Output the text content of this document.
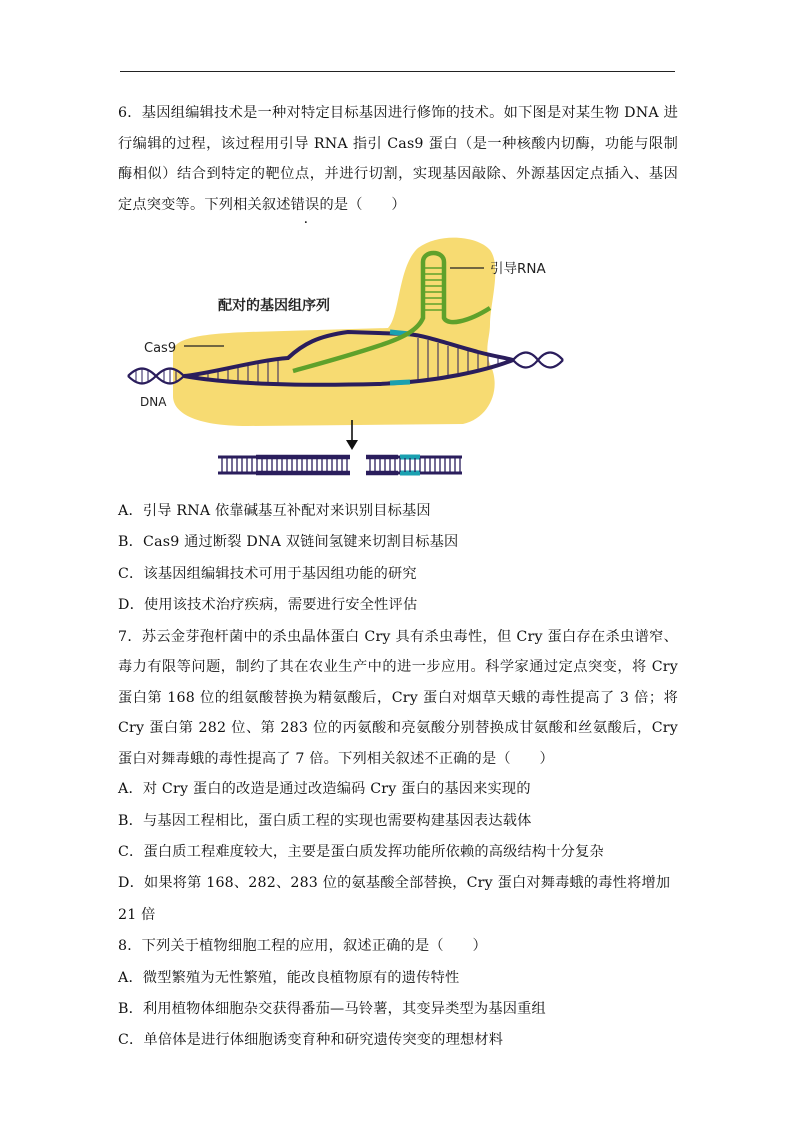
6．基因组编辑技术是一种对特定目标基因进行修饰的技术。如下图是对某生物 DNA 进行编辑的过程，该过程用引导 RNA 指引 Cas9 蛋白（是一种核酸内切酶，功能与限制酶相似）结合到特定的靶位点，并进行切割，实现基因敲除、外源基因定点插入、基因定点突变等。下列相关叙述错误的是（　　）

引导RNA
配对的基因组序列
Cas9
DNA

A．引导 RNA 依靠碱基互补配对来识别目标基因

B．Cas9 通过断裂 DNA 双链间氢键来切割目标基因

C．该基因组编辑技术可用于基因组功能的研究

D．使用该技术治疗疾病，需要进行安全性评估

7．苏云金芽孢杆菌中的杀虫晶体蛋白 Cry 具有杀虫毒性，但 Cry 蛋白存在杀虫谱窄、毒力有限等问题，制约了其在农业生产中的进一步应用。科学家通过定点突变，将 Cry 蛋白第 168 位的组氨酸替换为精氨酸后，Cry 蛋白对烟草天蛾的毒性提高了 3 倍；将 Cry 蛋白第 282 位、第 283 位的丙氨酸和亮氨酸分别替换成甘氨酸和丝氨酸后，Cry 蛋白对舞毒蛾的毒性提高了 7 倍。下列相关叙述不正确的是（　　）

A．对 Cry 蛋白的改造是通过改造编码 Cry 蛋白的基因来实现的

B．与基因工程相比，蛋白质工程的实现也需要构建基因表达载体

C．蛋白质工程难度较大，主要是蛋白质发挥功能所依赖的高级结构十分复杂

D．如果将第 168、282、283 位的氨基酸全部替换，Cry 蛋白对舞毒蛾的毒性将增加 21 倍

8．下列关于植物细胞工程的应用，叙述正确的是（　　）

A．微型繁殖为无性繁殖，能改良植物原有的遗传特性

B．利用植物体细胞杂交获得番茄—马铃薯，其变异类型为基因重组

C．单倍体是进行体细胞诱变育种和研究遗传突变的理想材料
